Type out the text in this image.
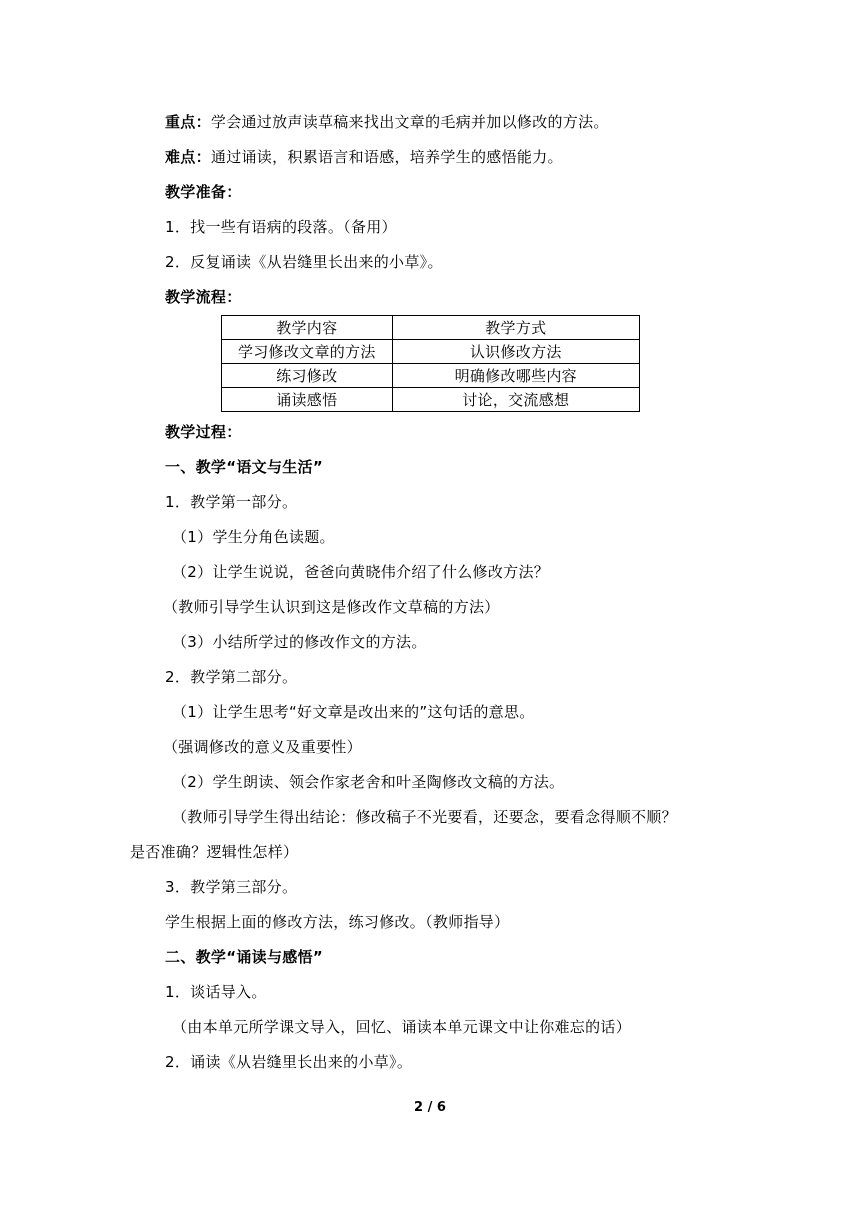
重点：学会通过放声读草稿来找出文章的毛病并加以修改的方法。
难点：通过诵读，积累语言和语感，培养学生的感悟能力。
教学准备：
1．找一些有语病的段落。（备用）
2．反复诵读《从岩缝里长出来的小草》。
教学流程：
教学内容	教学方式
学习修改文章的方法	认识修改方法
练习修改	明确修改哪些内容
诵读感悟	讨论，交流感想
教学过程：
一、教学“语文与生活”
1．教学第一部分。
（1）学生分角色读题。
（2）让学生说说，爸爸向黄晓伟介绍了什么修改方法？
（教师引导学生认识到这是修改作文草稿的方法）
（3）小结所学过的修改作文的方法。
2．教学第二部分。
（1）让学生思考“好文章是改出来的”这句话的意思。
（强调修改的意义及重要性）
（2）学生朗读、领会作家老舍和叶圣陶修改文稿的方法。
（教师引导学生得出结论：修改稿子不光要看，还要念，要看念得顺不顺？
是否准确？逻辑性怎样）
3．教学第三部分。
学生根据上面的修改方法，练习修改。（教师指导）
二、教学“诵读与感悟”
1．谈话导入。
（由本单元所学课文导入，回忆、诵读本单元课文中让你难忘的话）
2．诵读《从岩缝里长出来的小草》。
2 / 6
